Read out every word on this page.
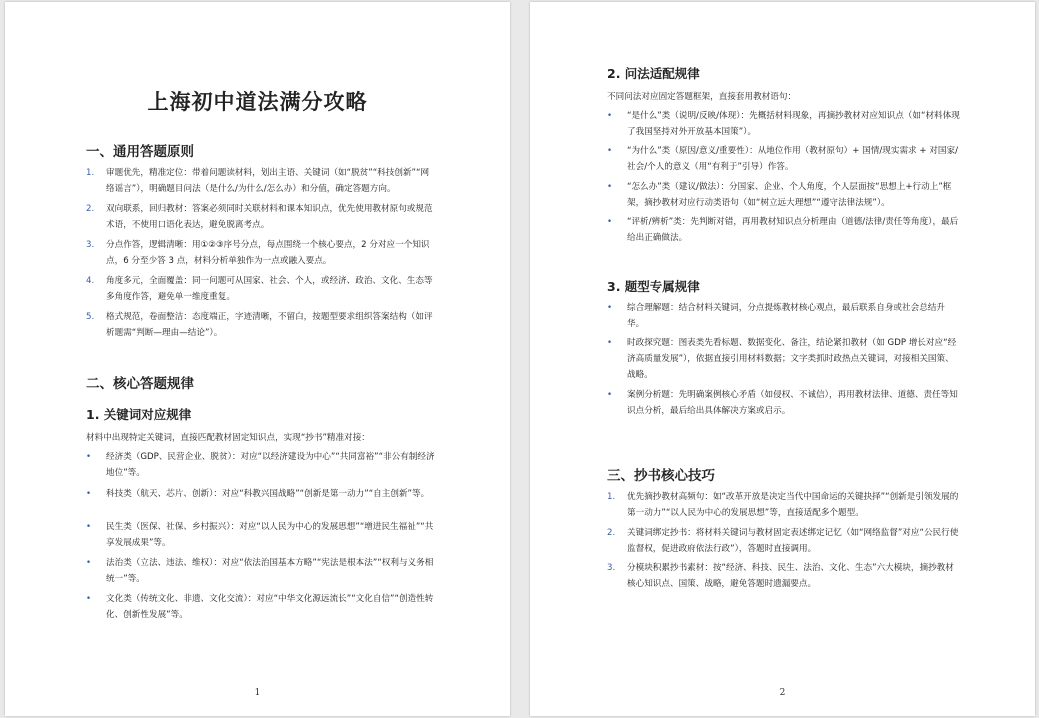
上海初中道法满分攻略
一、通用答题原则
1. 审题优先，精准定位：带着问题读材料，划出主语、关键词（如“脱贫”“科技创新”“网络谣言”），明确题目问法（是什么/为什么/怎么办）和分值，确定答题方向。
2. 双向联系，回归教材：答案必须同时关联材料和课本知识点，优先使用教材原句或规范术语，不使用口语化表达，避免脱离考点。
3. 分点作答，逻辑清晰：用①②③序号分点，每点围绕一个核心要点，2 分对应一个知识点，6 分至少答 3 点，材料分析单独作为一点或融入要点。
4. 角度多元，全面覆盖：同一问题可从国家、社会、个人，或经济、政治、文化、生态等多角度作答，避免单一维度重复。
5. 格式规范，卷面整洁：态度端正，字迹清晰，不留白，按题型要求组织答案结构（如评析题需“判断—理由—结论”）。
二、核心答题规律
1. 关键词对应规律
材料中出现特定关键词，直接匹配教材固定知识点，实现“抄书”精准对接：
• 经济类（GDP、民营企业、脱贫）：对应“以经济建设为中心”“共同富裕”“非公有制经济地位”等。
• 科技类（航天、芯片、创新）：对应“科教兴国战略”“创新是第一动力”“自主创新”等。
• 民生类（医保、社保、乡村振兴）：对应“以人民为中心的发展思想”“增进民生福祉”“共享发展成果”等。
• 法治类（立法、违法、维权）：对应“依法治国基本方略”“宪法是根本法”“权利与义务相统一”等。
• 文化类（传统文化、非遗、文化交流）：对应“中华文化源远流长”“文化自信”“创造性转化、创新性发展”等。
1
2. 问法适配规律
不同问法对应固定答题框架，直接套用教材语句：
• “是什么”类（说明/反映/体现）：先概括材料现象，再摘抄教材对应知识点（如“材料体现了我国坚持对外开放基本国策”）。
• “为什么”类（原因/意义/重要性）：从地位作用（教材原句）+ 国情/现实需求 + 对国家/社会/个人的意义（用“有利于”引导）作答。
• “怎么办”类（建议/做法）：分国家、企业、个人角度，个人层面按“思想上+行动上”框架，摘抄教材对应行动类语句（如“树立远大理想”“遵守法律法规”）。
• “评析/辨析”类：先判断对错，再用教材知识点分析理由（道德/法律/责任等角度），最后给出正确做法。
3. 题型专属规律
• 综合理解题：结合材料关键词，分点提炼教材核心观点，最后联系自身或社会总结升华。
• 时政探究题：图表类先看标题、数据变化、备注，结论紧扣教材（如 GDP 增长对应“经济高质量发展”），依据直接引用材料数据；文字类抓时政热点关键词，对接相关国策、战略。
• 案例分析题：先明确案例核心矛盾（如侵权、不诚信），再用教材法律、道德、责任等知识点分析，最后给出具体解决方案或启示。
三、抄书核心技巧
1. 优先摘抄教材高频句：如“改革开放是决定当代中国命运的关键抉择”“创新是引领发展的第一动力”“以人民为中心的发展思想”等，直接适配多个题型。
2. 关键词绑定抄书：将材料关键词与教材固定表述绑定记忆（如“网络监督”对应“公民行使监督权，促进政府依法行政”），答题时直接调用。
3. 分模块积累抄书素材：按“经济、科技、民生、法治、文化、生态”六大模块，摘抄教材核心知识点、国策、战略，避免答题时遗漏要点。
2
